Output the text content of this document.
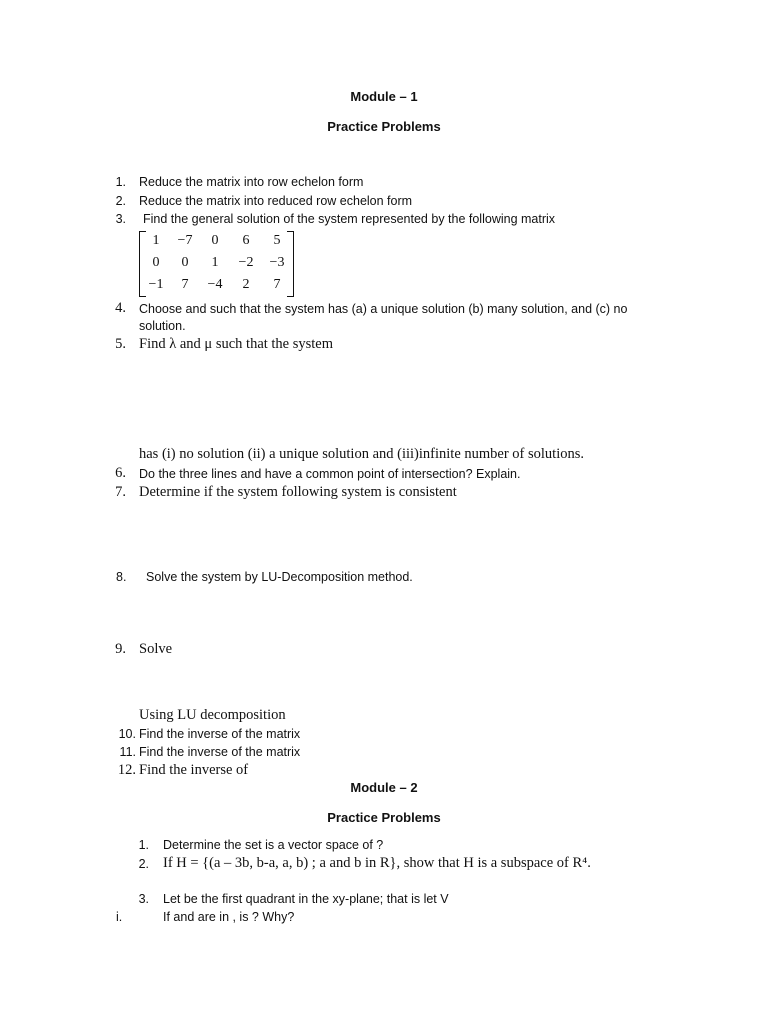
Module – 1
Practice Problems
1. Reduce the matrix into row echelon form
2. Reduce the matrix into reduced row echelon form
3. Find the general solution of the system represented by the following matrix
1	−7	0	6	5
0	0	1	−2	−3
−1	7	−4	2	7
4. Choose and such that the system has (a) a unique solution (b) many solution, and (c) no
solution.
5. Find λ and μ such that the system
has (i) no solution (ii) a unique solution and (iii)infinite number of solutions.
6. Do the three lines and have a common point of intersection? Explain.
7. Determine if the system following system is consistent
8. Solve the system by LU-Decomposition method.
9. Solve
Using LU decomposition
10. Find the inverse of the matrix
11. Find the inverse of the matrix
12. Find the inverse of
Module – 2
Practice Problems
1. Determine the set is a vector space of ?
2. If H = {(a – 3b, b-a, a, b) ; a and b in R}, show that H is a subspace of R⁴.
3. Let be the first quadrant in the xy-plane; that is let V
i.	If and are in , is ? Why?
